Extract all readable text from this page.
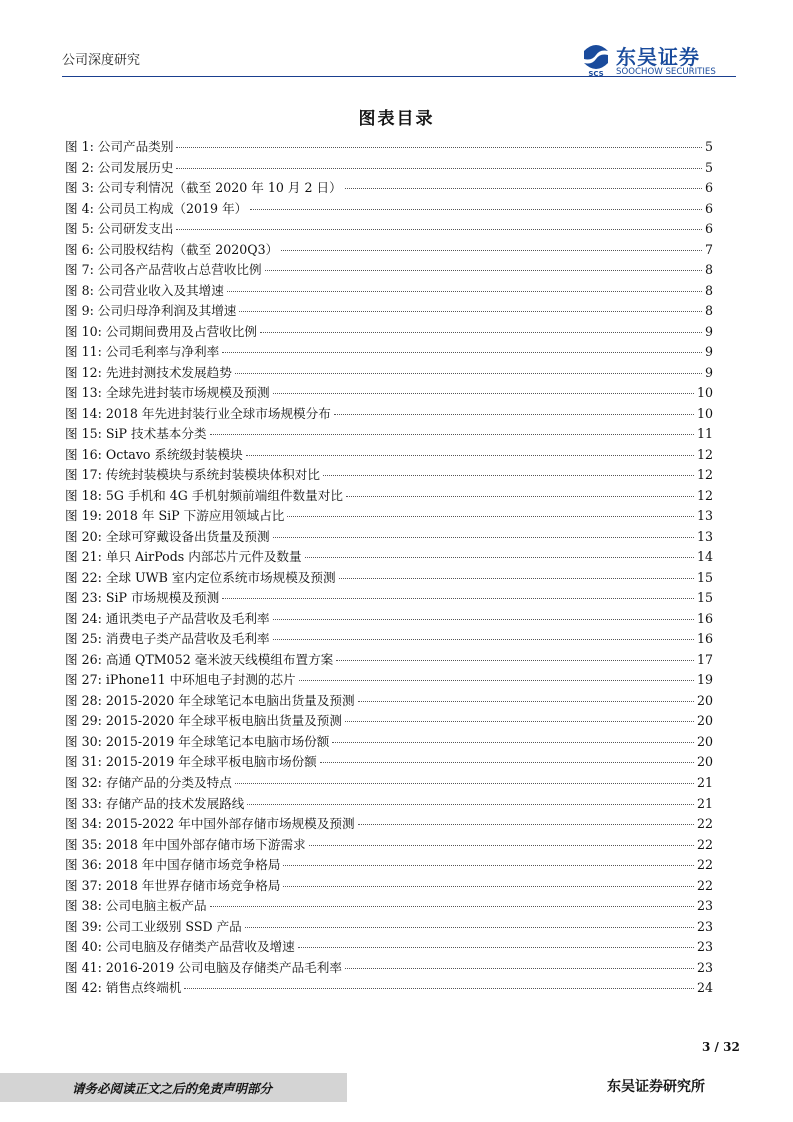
公司深度研究
SCS
东吴证券
SOOCHOW SECURITIES
图表目录
图 1: 公司产品类别	5
图 2: 公司发展历史	5
图 3: 公司专利情况（截至 2020 年 10 月 2 日）	6
图 4: 公司员工构成（2019 年）	6
图 5: 公司研发支出	6
图 6: 公司股权结构（截至 2020Q3）	7
图 7: 公司各产品营收占总营收比例	8
图 8: 公司营业收入及其增速	8
图 9: 公司归母净利润及其增速	8
图 10: 公司期间费用及占营收比例	9
图 11: 公司毛利率与净利率	9
图 12: 先进封测技术发展趋势	9
图 13: 全球先进封装市场规模及预测	10
图 14: 2018 年先进封装行业全球市场规模分布	10
图 15: SiP 技术基本分类	11
图 16: Octavo 系统级封装模块	12
图 17: 传统封装模块与系统封装模块体积对比	12
图 18: 5G 手机和 4G 手机射频前端组件数量对比	12
图 19: 2018 年 SiP 下游应用领域占比	13
图 20: 全球可穿戴设备出货量及预测	13
图 21: 单只 AirPods 内部芯片元件及数量	14
图 22: 全球 UWB 室内定位系统市场规模及预测	15
图 23: SiP 市场规模及预测	15
图 24: 通讯类电子产品营收及毛利率	16
图 25: 消费电子类产品营收及毛利率	16
图 26: 高通 QTM052 毫米波天线模组布置方案	17
图 27: iPhone11 中环旭电子封测的芯片	19
图 28: 2015-2020 年全球笔记本电脑出货量及预测	20
图 29: 2015-2020 年全球平板电脑出货量及预测	20
图 30: 2015-2019 年全球笔记本电脑市场份额	20
图 31: 2015-2019 年全球平板电脑市场份额	20
图 32: 存储产品的分类及特点	21
图 33: 存储产品的技术发展路线	21
图 34: 2015-2022 年中国外部存储市场规模及预测	22
图 35: 2018 年中国外部存储市场下游需求	22
图 36: 2018 年中国存储市场竞争格局	22
图 37: 2018 年世界存储市场竞争格局	22
图 38: 公司电脑主板产品	23
图 39: 公司工业级别 SSD 产品	23
图 40: 公司电脑及存储类产品营收及增速	23
图 41: 2016-2019 公司电脑及存储类产品毛利率	23
图 42: 销售点终端机	24
3 / 32
请务必阅读正文之后的免责声明部分	东吴证券研究所
